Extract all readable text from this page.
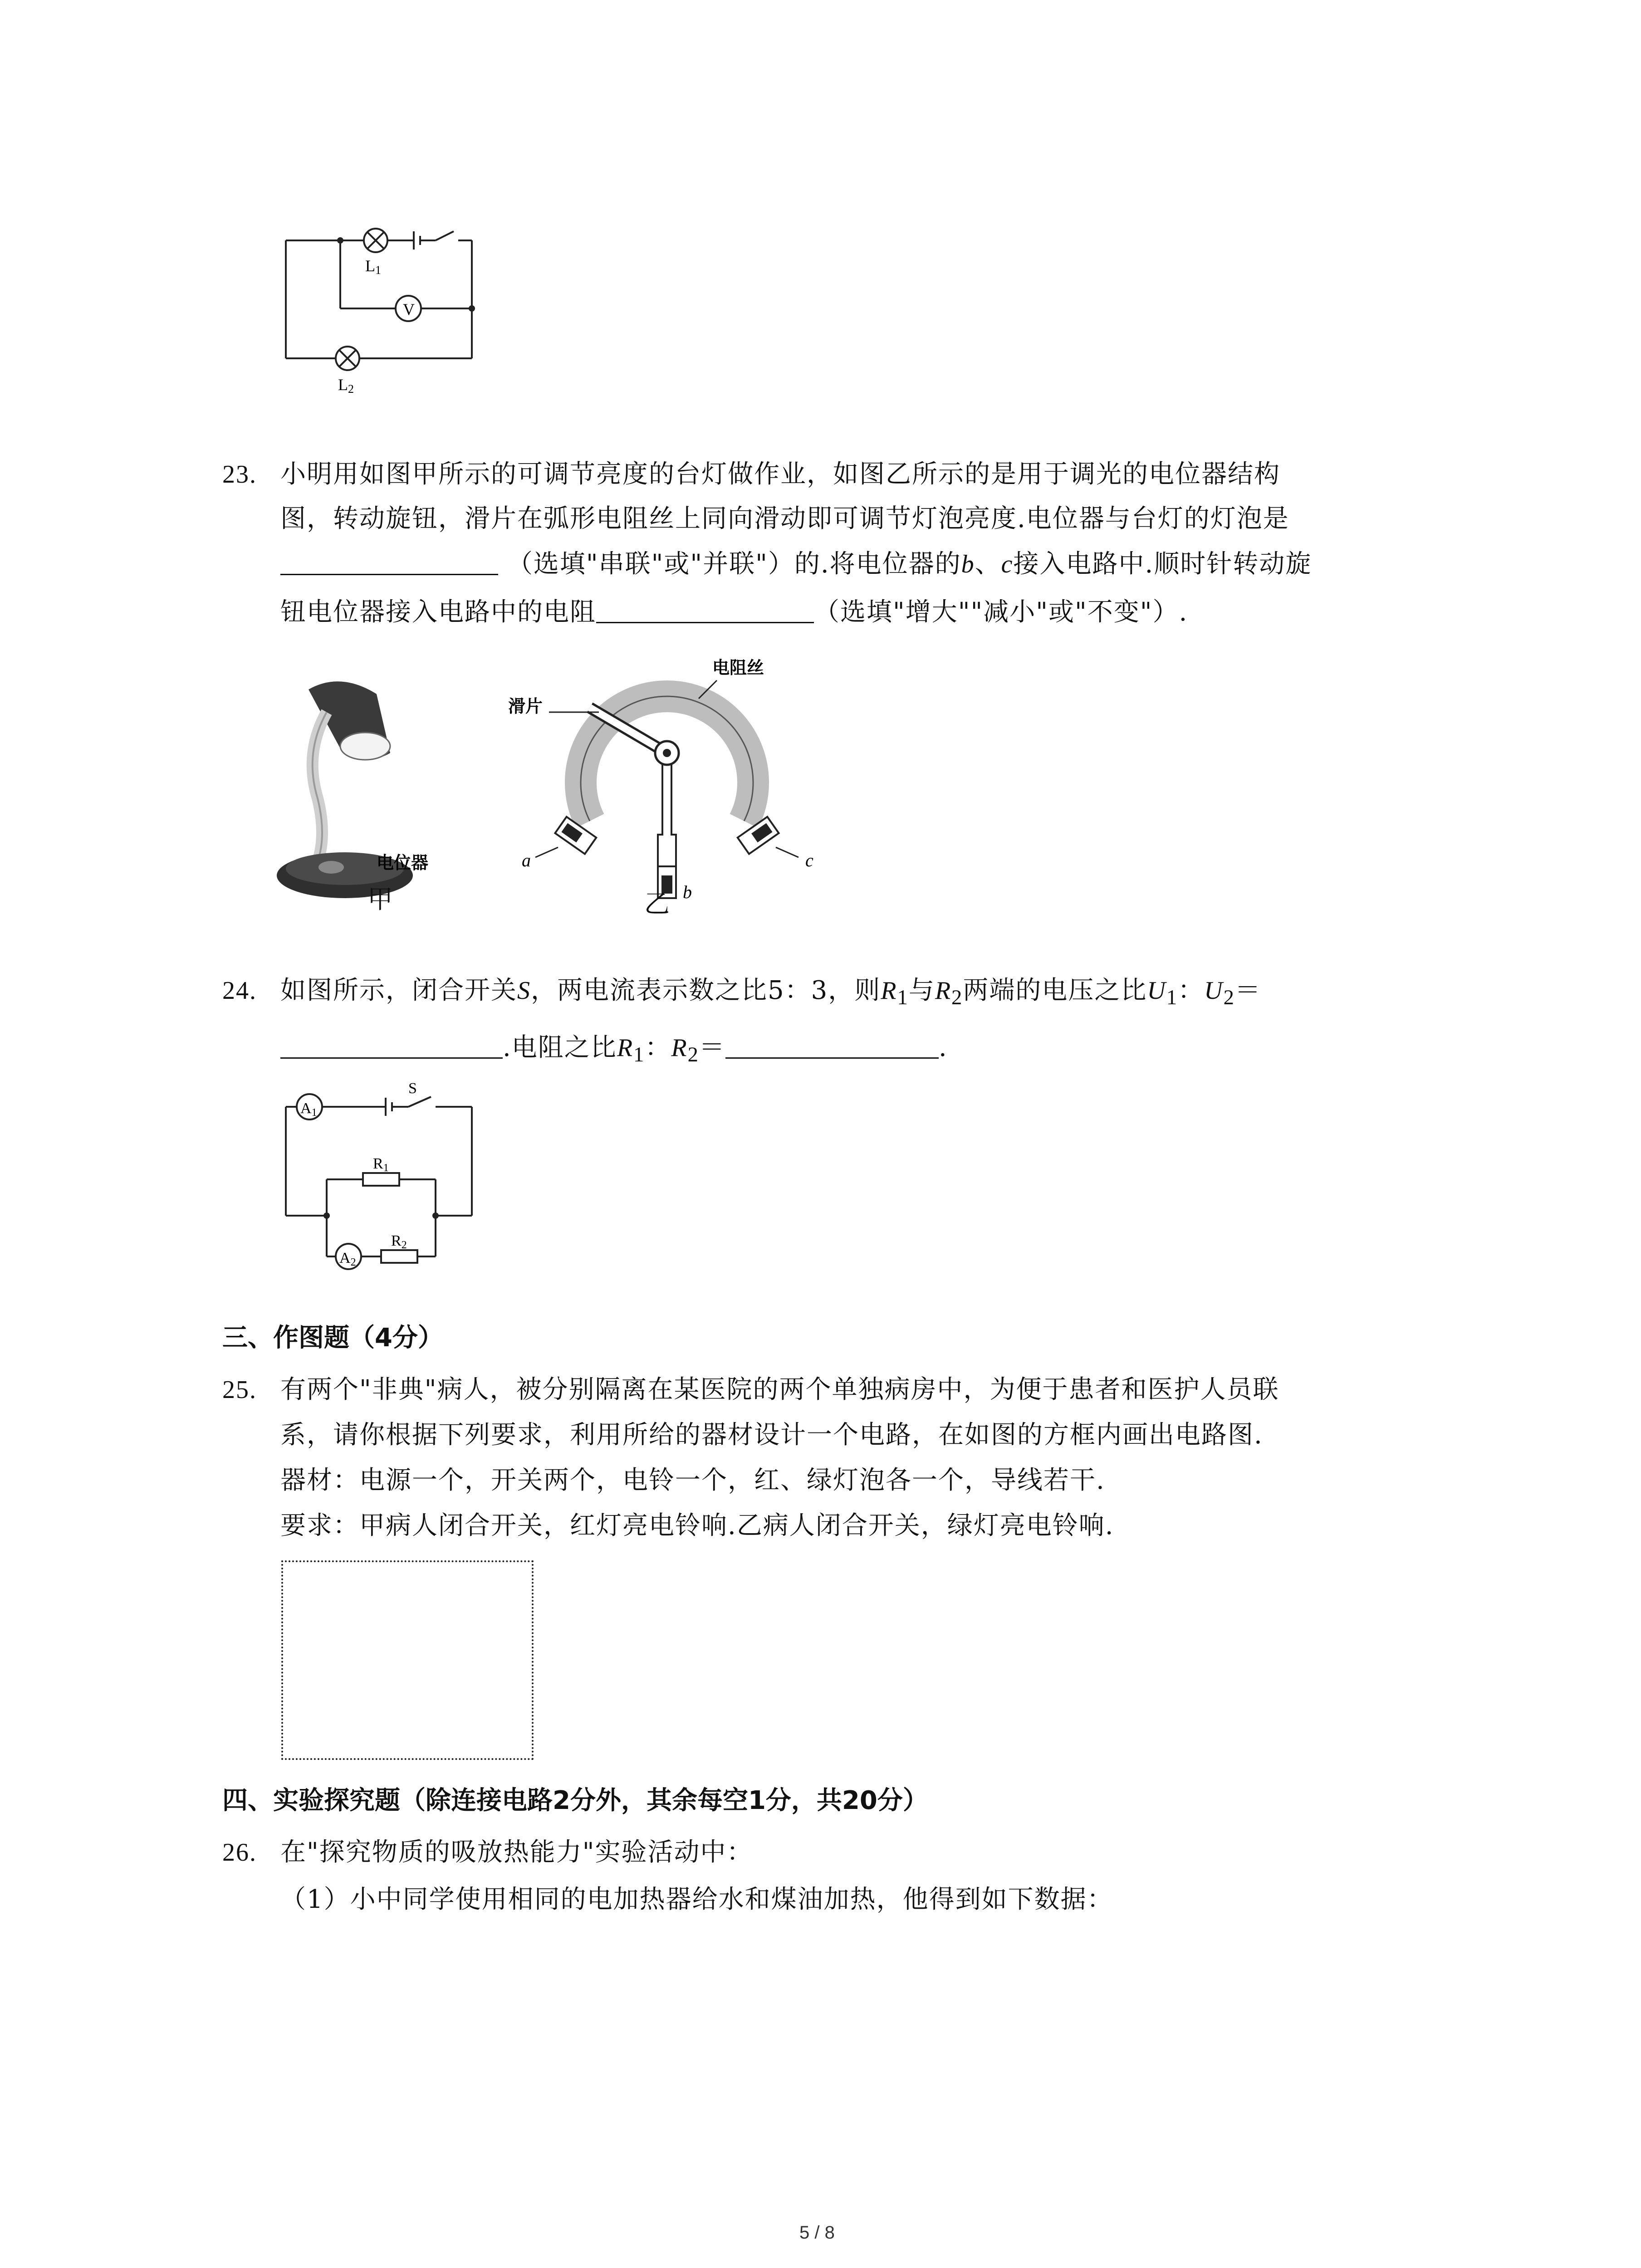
V
L1
L2
23. 小明用如图甲所示的可调节亮度的台灯做作业，如图乙所示的是用于调光的电位器结构
图，转动旋钮，滑片在弧形电阻丝上同向滑动即可调节灯泡亮度.电位器与台灯的灯泡是
（选填"串联"或"并联"）的.将电位器的b、c接入电路中.顺时针转动旋
钮电位器接入电路中的电阻	（选填"增大""减小"或"不变"）.
电位器
甲
电阻丝
滑片
a
b
c
乙
24. 如图所示，闭合开关S，两电流表示数之比5：3，则$R_1$与$R_2$两端的电压之比$U_1$：$U_2=$
.电阻之比$R_1$：$R_2=$	.
A1
A2
S
R1
R2
三、作图题（4分）
25. 有两个"非典"病人，被分别隔离在某医院的两个单独病房中，为便于患者和医护人员联
系，请你根据下列要求，利用所给的器材设计一个电路，在如图的方框内画出电路图.
器材：电源一个，开关两个，电铃一个，红、绿灯泡各一个，导线若干.
要求：甲病人闭合开关，红灯亮电铃响.乙病人闭合开关，绿灯亮电铃响.
四、实验探究题（除连接电路2分外，其余每空1分，共20分）
26. 在"探究物质的吸放热能力"实验活动中：
（1）小中同学使用相同的电加热器给水和煤油加热，他得到如下数据：
5 / 8
